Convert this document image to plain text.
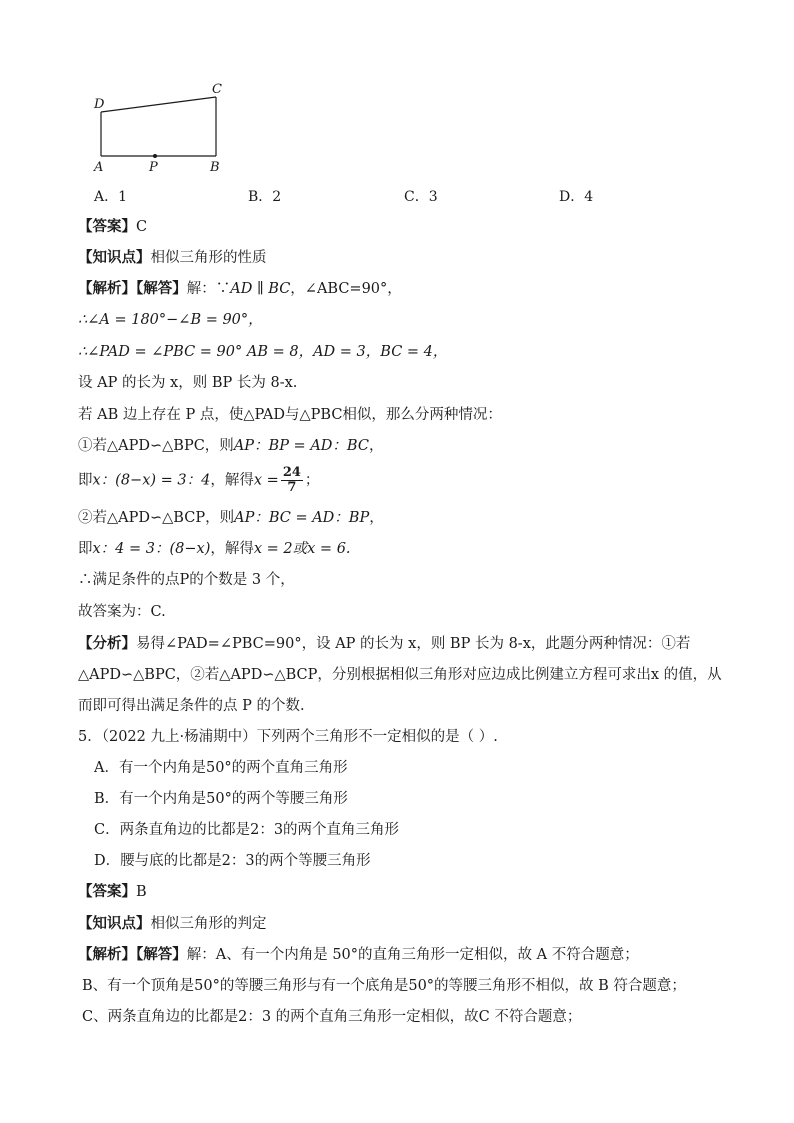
D
C
A	P	B
A．1	B．2	C．3	D．4
【答案】C
【知识点】相似三角形的性质
【解析】【解答】解：∵AD ∥ BC，∠ABC=90°，
∴∠A = 180°−∠B = 90°，
∴∠PAD = ∠PBC = 90° AB = 8，AD = 3，BC = 4，
设 AP 的长为 x，则 BP 长为 8-x.
若 AB 边上存在 P 点，使△PAD与△PBC相似，那么分两种情况：
①若△APD∽△BPC，则AP：BP = AD：BC，
即x：(8−x) = 3：4，解得$x = \frac{24}{7}$ ；
②若△APD∽△BCP，则AP：BC = AD：BP，
即x：4 = 3：(8−x)，解得x = 2或x = 6.
∴满足条件的点P的个数是 3 个，
故答案为：C.
【分析】易得∠PAD=∠PBC=90°，设 AP 的长为 x，则 BP 长为 8-x，此题分两种情况：①若
△APD∽△BPC，②若△APD∽△BCP，分别根据相似三角形对应边成比例建立方程可求出x 的值，从
而即可得出满足条件的点 P 的个数.
5．（2022 九上·杨浦期中）下列两个三角形不一定相似的是（ ）.
A．有一个内角是50°的两个直角三角形
B．有一个内角是50°的两个等腰三角形
C．两条直角边的比都是2：3的两个直角三角形
D．腰与底的比都是2：3的两个等腰三角形
【答案】B
【知识点】相似三角形的判定
【解析】【解答】解：A、有一个内角是 50°的直角三角形一定相似，故 A 不符合题意；
B、有一个顶角是50°的等腰三角形与有一个底角是50°的等腰三角形不相似，故 B 符合题意；
C、两条直角边的比都是2：3 的两个直角三角形一定相似，故C 不符合题意；
